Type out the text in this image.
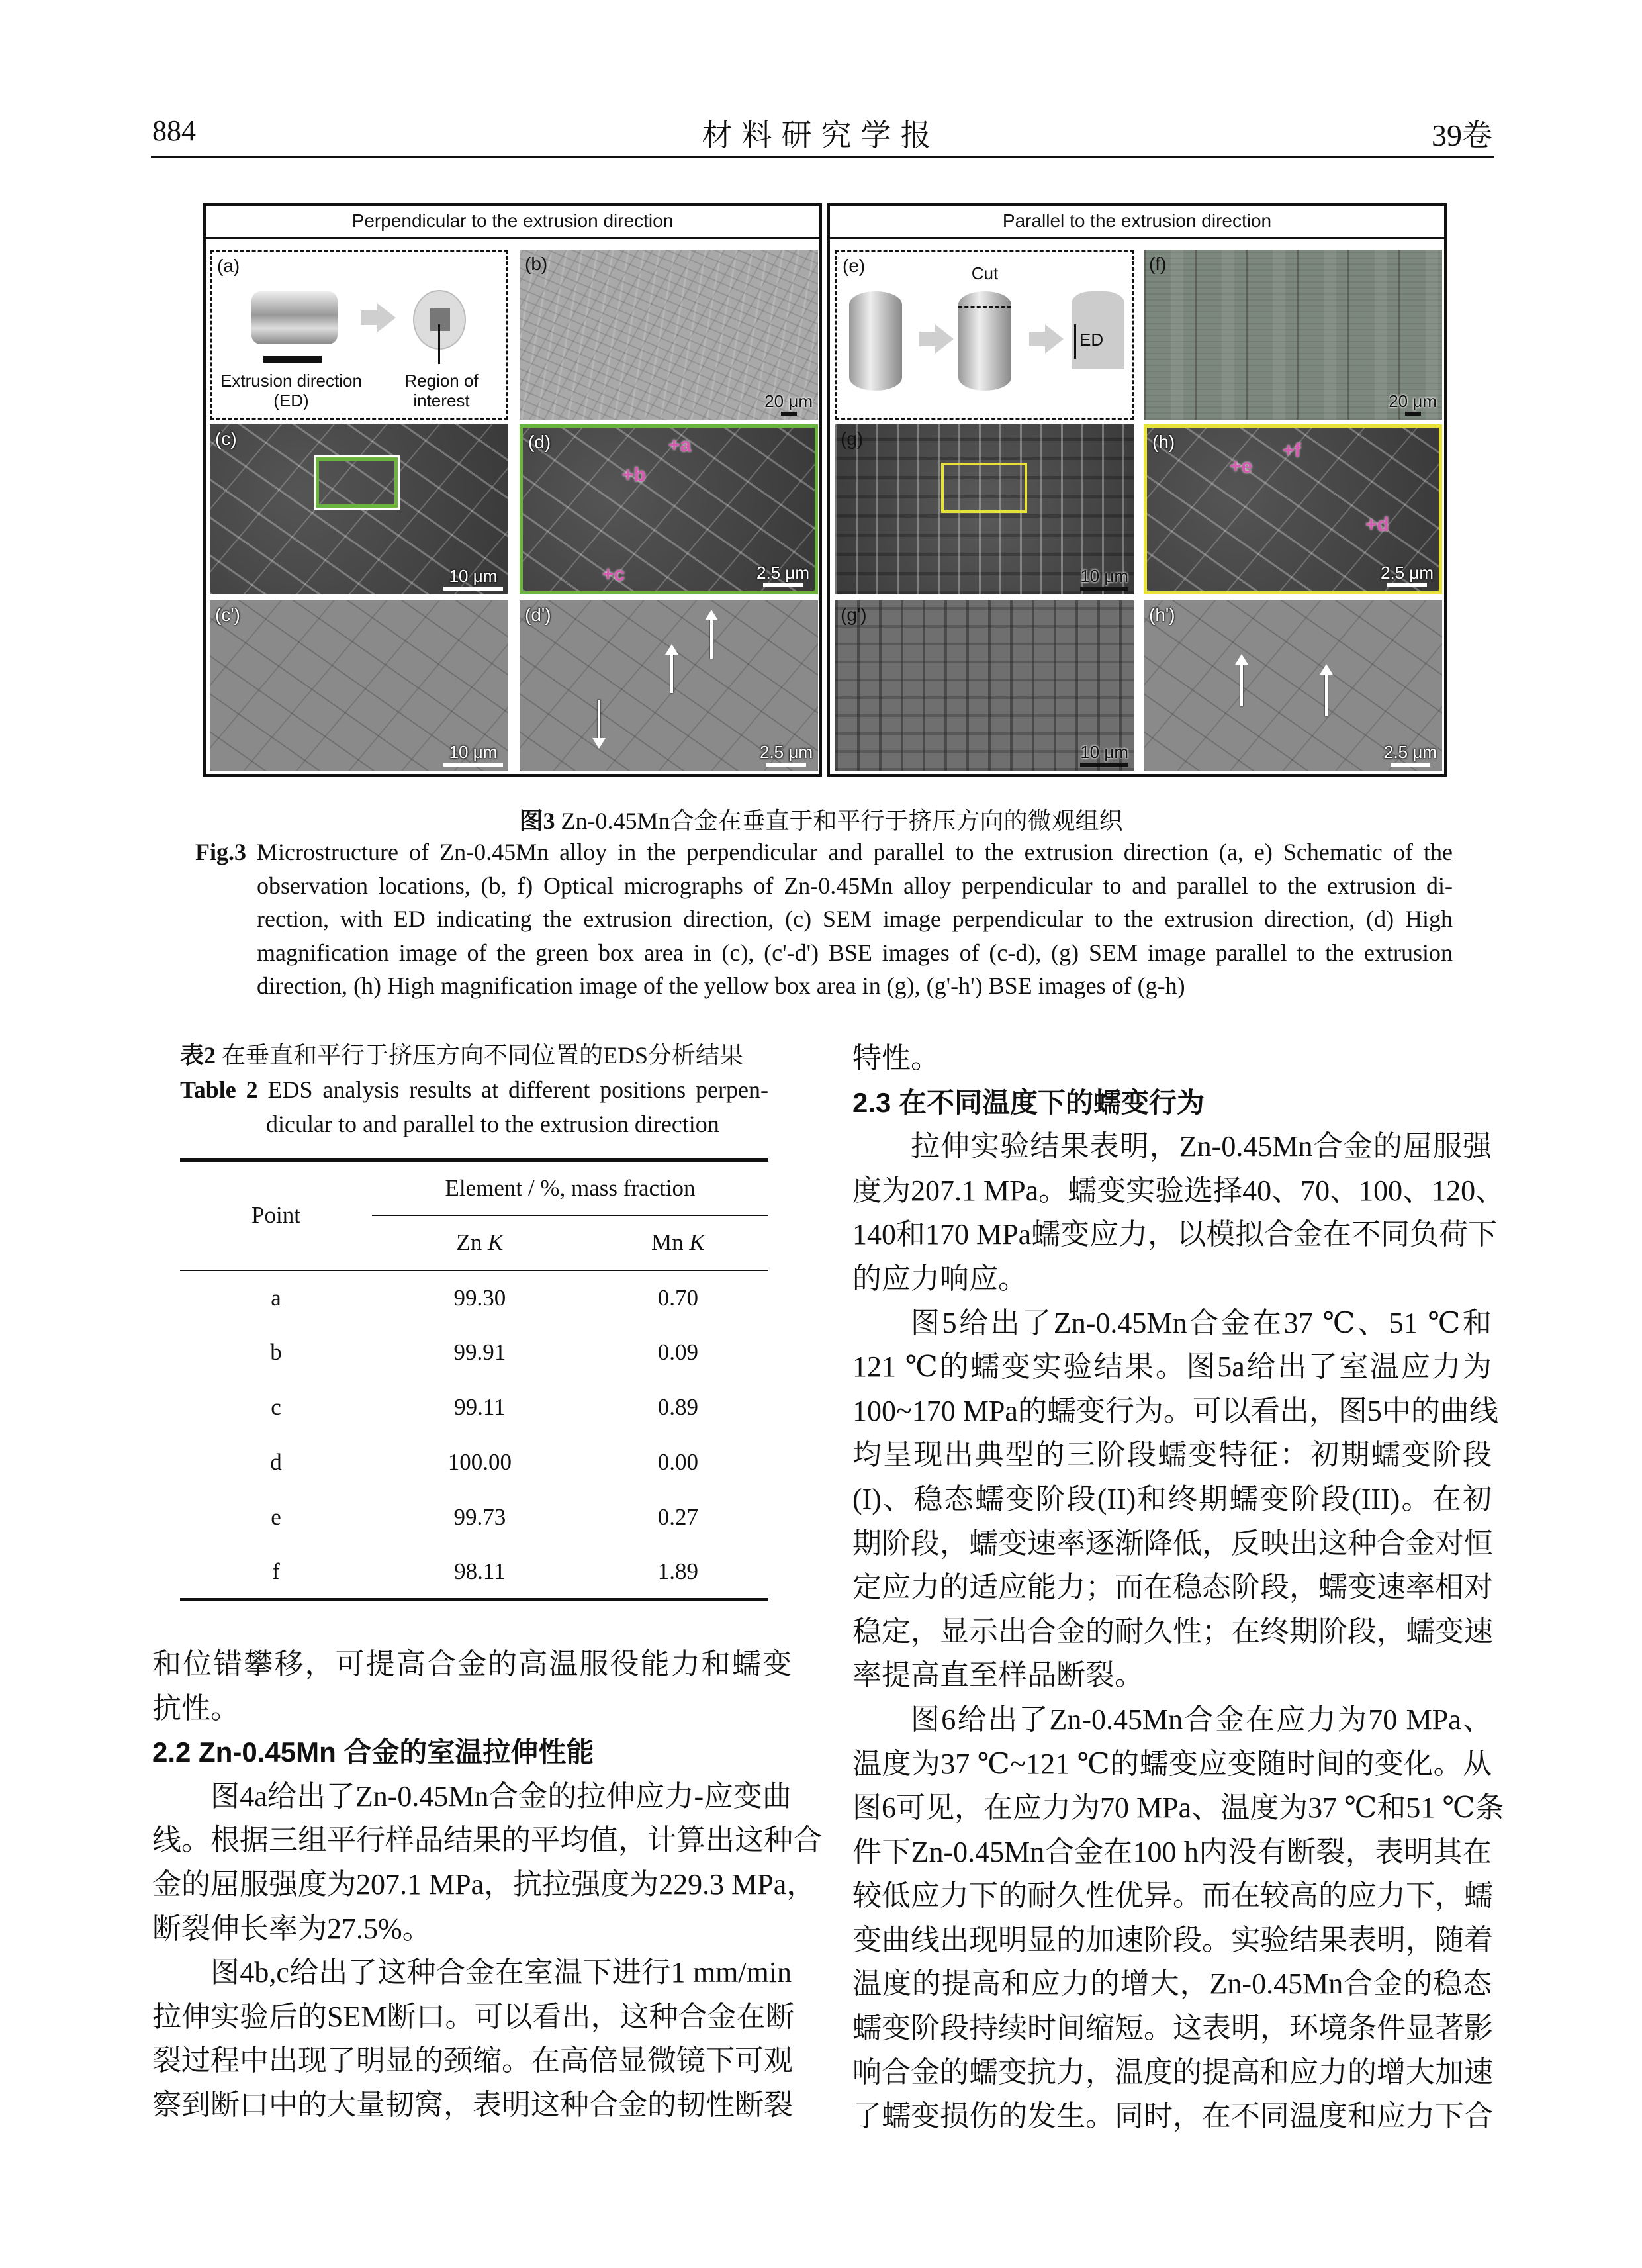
884	材料研究学报	39卷
Perpendicular to the extrusion direction
(a)
Extrusion direction
(ED)
Region of
interest
(b)
20 μm
(c)
10 μm
(d)	+a
+b
+c	2.5 μm
(c')
10 μm
(d')
2.5 μm
Parallel to the extrusion direction
(e)	Cut
ED
(f)
20 μm
(g)
10 μm
(h)	+f
+e
+d
2.5 μm
(g')
10 μm
(h')
2.5 μm
图3 Zn-0.45Mn合金在垂直于和平行于挤压方向的微观组织
Fig.3 Microstructure of Zn-0.45Mn alloy in the perpendicular and parallel to the extrusion direction (a, e) Schematic of the
observation locations, (b, f) Optical micrographs of Zn-0.45Mn alloy perpendicular to and parallel to the extrusion di-
rection, with ED indicating the extrusion direction, (c) SEM image perpendicular to the extrusion direction, (d) High
magnification image of the green box area in (c), (c'-d') BSE images of (c-d), (g) SEM image parallel to the extrusion
direction, (h) High magnification image of the yellow box area in (g), (g'-h') BSE images of (g-h)
表2 在垂直和平行于挤压方向不同位置的EDS分析结果
Table 2 EDS analysis results at different positions perpen-
dicular to and parallel to the extrusion direction
Point	Element / %, mass fraction	
	Zn K	Mn K
a	99.30	0.70
b	99.91	0.09
c	99.11	0.89
d	100.00	0.00
e	99.73	0.27
f	98.11	1.89
和位错攀移，可提高合金的高温服役能力和蠕变
抗性。
2.2 Zn-0.45Mn 合金的室温拉伸性能
图4a给出了Zn-0.45Mn合金的拉伸应力-应变曲
线。根据三组平行样品结果的平均值，计算出这种合
金的屈服强度为207.1 MPa，抗拉强度为229.3 MPa，
断裂伸长率为27.5%。
图4b,c给出了这种合金在室温下进行1 mm/min
拉伸实验后的SEM断口。可以看出，这种合金在断
裂过程中出现了明显的颈缩。在高倍显微镜下可观
察到断口中的大量韧窝，表明这种合金的韧性断裂
特性。
2.3 在不同温度下的蠕变行为
拉伸实验结果表明，Zn-0.45Mn合金的屈服强
度为207.1 MPa。蠕变实验选择40、70、100、120、
140和170 MPa蠕变应力，以模拟合金在不同负荷下
的应力响应。
图5给出了Zn-0.45Mn合金在37 ℃、51 ℃和
121 ℃的蠕变实验结果。图5a给出了室温应力为
100~170 MPa的蠕变行为。可以看出，图5中的曲线
均呈现出典型的三阶段蠕变特征：初期蠕变阶段
(I)、稳态蠕变阶段(II)和终期蠕变阶段(III)。在初
期阶段，蠕变速率逐渐降低，反映出这种合金对恒
定应力的适应能力；而在稳态阶段，蠕变速率相对
稳定，显示出合金的耐久性；在终期阶段，蠕变速
率提高直至样品断裂。
图6给出了Zn-0.45Mn合金在应力为70 MPa、
温度为37 ℃~121 ℃的蠕变应变随时间的变化。从
图6可见，在应力为70 MPa、温度为37 ℃和51 ℃条
件下Zn-0.45Mn合金在100 h内没有断裂，表明其在
较低应力下的耐久性优异。而在较高的应力下，蠕
变曲线出现明显的加速阶段。实验结果表明，随着
温度的提高和应力的增大，Zn-0.45Mn合金的稳态
蠕变阶段持续时间缩短。这表明，环境条件显著影
响合金的蠕变抗力，温度的提高和应力的增大加速
了蠕变损伤的发生。同时，在不同温度和应力下合
